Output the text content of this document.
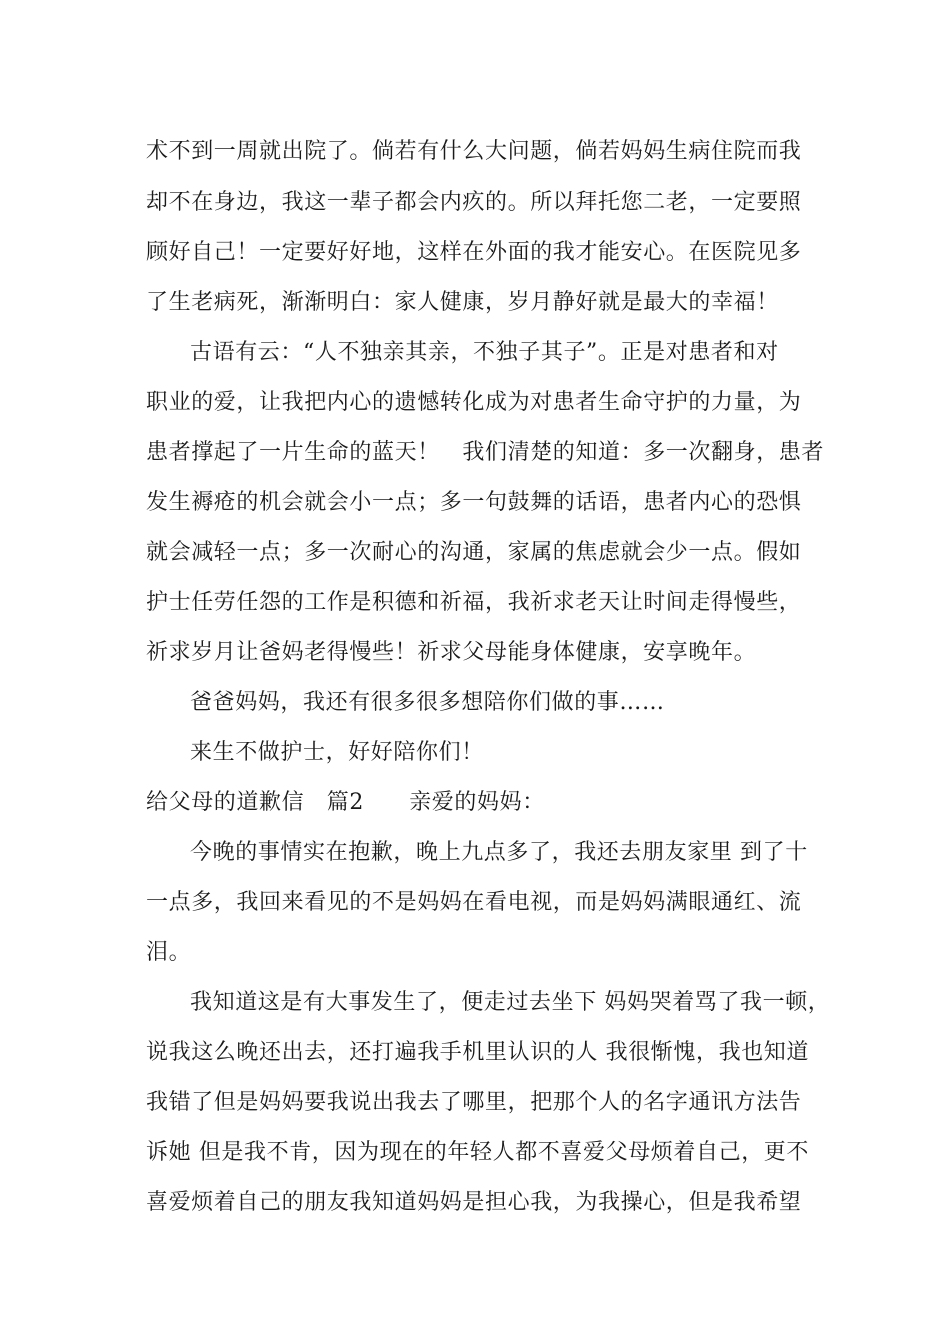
术不到一周就出院了。倘若有什么大问题，倘若妈妈生病住院而我
却不在身边，我这一辈子都会内疚的。所以拜托您二老，一定要照
顾好自己！一定要好好地，这样在外面的我才能安心。在医院见多
了生老病死，渐渐明白：家人健康，岁月静好就是最大的幸福！
古语有云：“人不独亲其亲，不独子其子”。正是对患者和对
职业的爱，让我把内心的遗憾转化成为对患者生命守护的力量，为
患者撑起了一片生命的蓝天！　我们清楚的知道：多一次翻身，患者
发生褥疮的机会就会小一点；多一句鼓舞的话语，患者内心的恐惧
就会减轻一点；多一次耐心的沟通，家属的焦虑就会少一点。假如
护士任劳任怨的工作是积德和祈福，我祈求老天让时间走得慢些，
祈求岁月让爸妈老得慢些！祈求父母能身体健康，安享晚年。
爸爸妈妈，我还有很多很多想陪你们做的事……
来生不做护士，好好陪你们！
给父母的道歉信　篇2　　亲爱的妈妈：
今晚的事情实在抱歉，晚上九点多了，我还去朋友家里 到了十
一点多，我回来看见的不是妈妈在看电视，而是妈妈满眼通红、流
泪。
我知道这是有大事发生了，便走过去坐下 妈妈哭着骂了我一顿，
说我这么晚还出去，还打遍我手机里认识的人 我很惭愧，我也知道
我错了但是妈妈要我说出我去了哪里，把那个人的名字通讯方法告
诉她 但是我不肯，因为现在的年轻人都不喜爱父母烦着自己，更不
喜爱烦着自己的朋友我知道妈妈是担心我，为我操心，但是我希望
